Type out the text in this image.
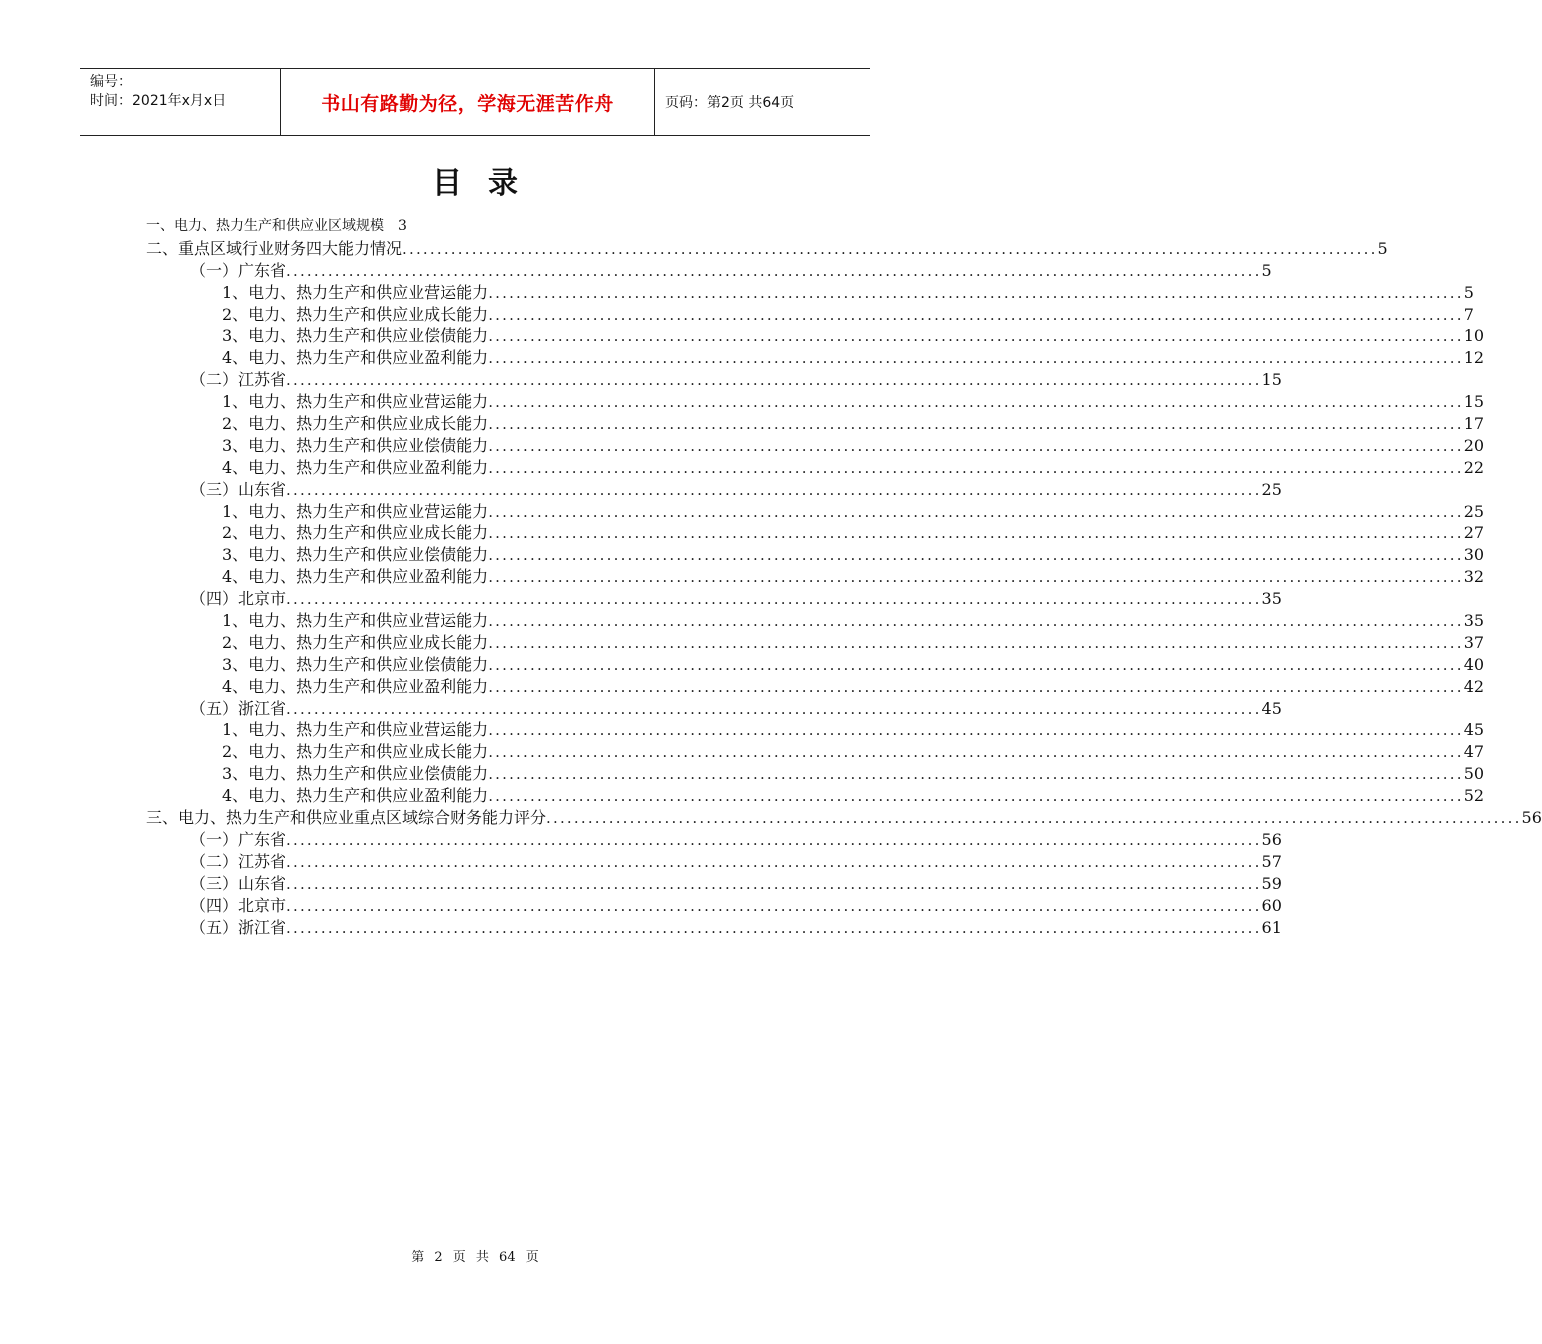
编号：
时间：2021年x月x日	书山有路勤为径，学海无涯苦作舟	页码：第2页 共64页
目录
一、电力、热力生产和供应业区域规模 3
二、重点区域行业财务四大能力情况 ............................................................................................................................................ 5
（一）广东省 ............................................................................................................................................ 5
1、电力、热力生产和供应业营运能力 ............................................................................................................................................ 5
2、电力、热力生产和供应业成长能力 ............................................................................................................................................ 7
3、电力、热力生产和供应业偿债能力 ............................................................................................................................................ 10
4、电力、热力生产和供应业盈利能力 ............................................................................................................................................ 12
（二）江苏省 ............................................................................................................................................ 15
1、电力、热力生产和供应业营运能力 ............................................................................................................................................ 15
2、电力、热力生产和供应业成长能力 ............................................................................................................................................ 17
3、电力、热力生产和供应业偿债能力 ............................................................................................................................................ 20
4、电力、热力生产和供应业盈利能力 ............................................................................................................................................ 22
（三）山东省 ............................................................................................................................................ 25
1、电力、热力生产和供应业营运能力 ............................................................................................................................................ 25
2、电力、热力生产和供应业成长能力 ............................................................................................................................................ 27
3、电力、热力生产和供应业偿债能力 ............................................................................................................................................ 30
4、电力、热力生产和供应业盈利能力 ............................................................................................................................................ 32
（四）北京市 ............................................................................................................................................ 35
1、电力、热力生产和供应业营运能力 ............................................................................................................................................ 35
2、电力、热力生产和供应业成长能力 ............................................................................................................................................ 37
3、电力、热力生产和供应业偿债能力 ............................................................................................................................................ 40
4、电力、热力生产和供应业盈利能力 ............................................................................................................................................ 42
（五）浙江省 ............................................................................................................................................ 45
1、电力、热力生产和供应业营运能力 ............................................................................................................................................ 45
2、电力、热力生产和供应业成长能力 ............................................................................................................................................ 47
3、电力、热力生产和供应业偿债能力 ............................................................................................................................................ 50
4、电力、热力生产和供应业盈利能力 ............................................................................................................................................ 52
三、电力、热力生产和供应业重点区域综合财务能力评分 ............................................................................................................................................ 56
（一）广东省 ............................................................................................................................................ 56
（二）江苏省 ............................................................................................................................................ 57
（三）山东省 ............................................................................................................................................ 59
（四）北京市 ............................................................................................................................................ 60
（五）浙江省 ............................................................................................................................................ 61
第 2 页 共 64 页
